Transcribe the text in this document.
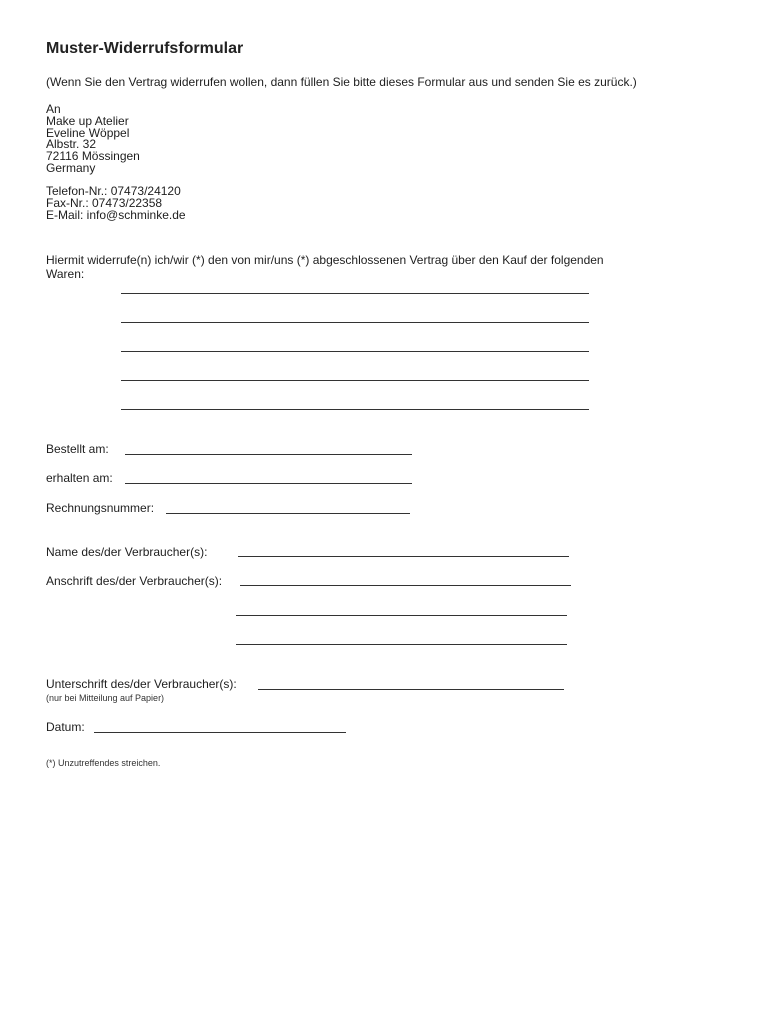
Muster-Widerrufsformular
(Wenn Sie den Vertrag widerrufen wollen, dann füllen Sie bitte dieses Formular aus und senden Sie es zurück.)
An
Make up Atelier
Eveline Wöppel
Albstr. 32
72116 Mössingen
Germany
Telefon-Nr.: 07473/24120
Fax-Nr.: 07473/22358
E-Mail: info@schminke.de
Hiermit widerrufe(n) ich/wir (*) den von mir/uns (*) abgeschlossenen Vertrag über den Kauf der folgenden
Waren:
Bestellt am:
erhalten am:
Rechnungsnummer:
Name des/der Verbraucher(s):
Anschrift des/der Verbraucher(s):
Unterschrift des/der Verbraucher(s):
(nur bei Mitteilung auf Papier)
Datum:
(*) Unzutreffendes streichen.
